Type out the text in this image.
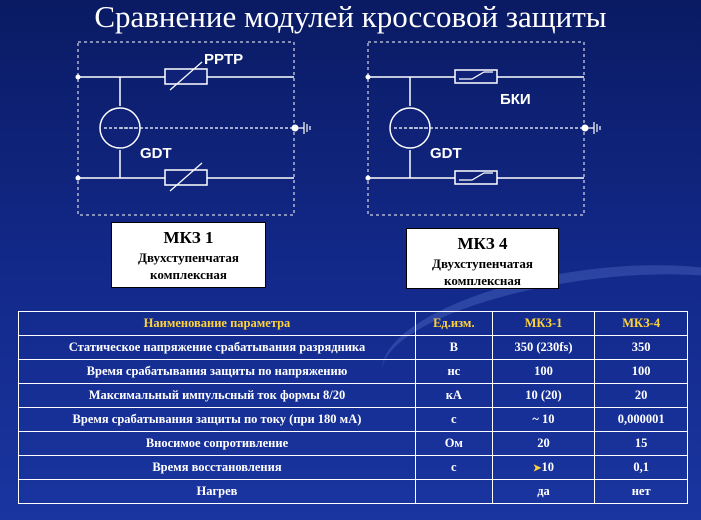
Сравнение модулей кроссовой защиты
PPTP
GDT
БКИ
GDT
МКЗ 1
Двухступенчатая
комплексная
МКЗ 4
Двухступенчатая
комплексная
Наименование параметра	Ед.изм.	МКЗ-1	МКЗ-4
Статическое напряжение срабатывания разрядника	В	350 (230fs)	350
Время срабатывания защиты по напряжению	нс	100	100
Максимальный импульсный ток формы 8/20	кА	10 (20)	20
Время срабатывания защиты по току (при 180 мА)	с	~ 10	0,000001
Вносимое сопротивление	Ом	20	15
Время восстановления	с	➤10	0,1
Нагрев		да	нет
